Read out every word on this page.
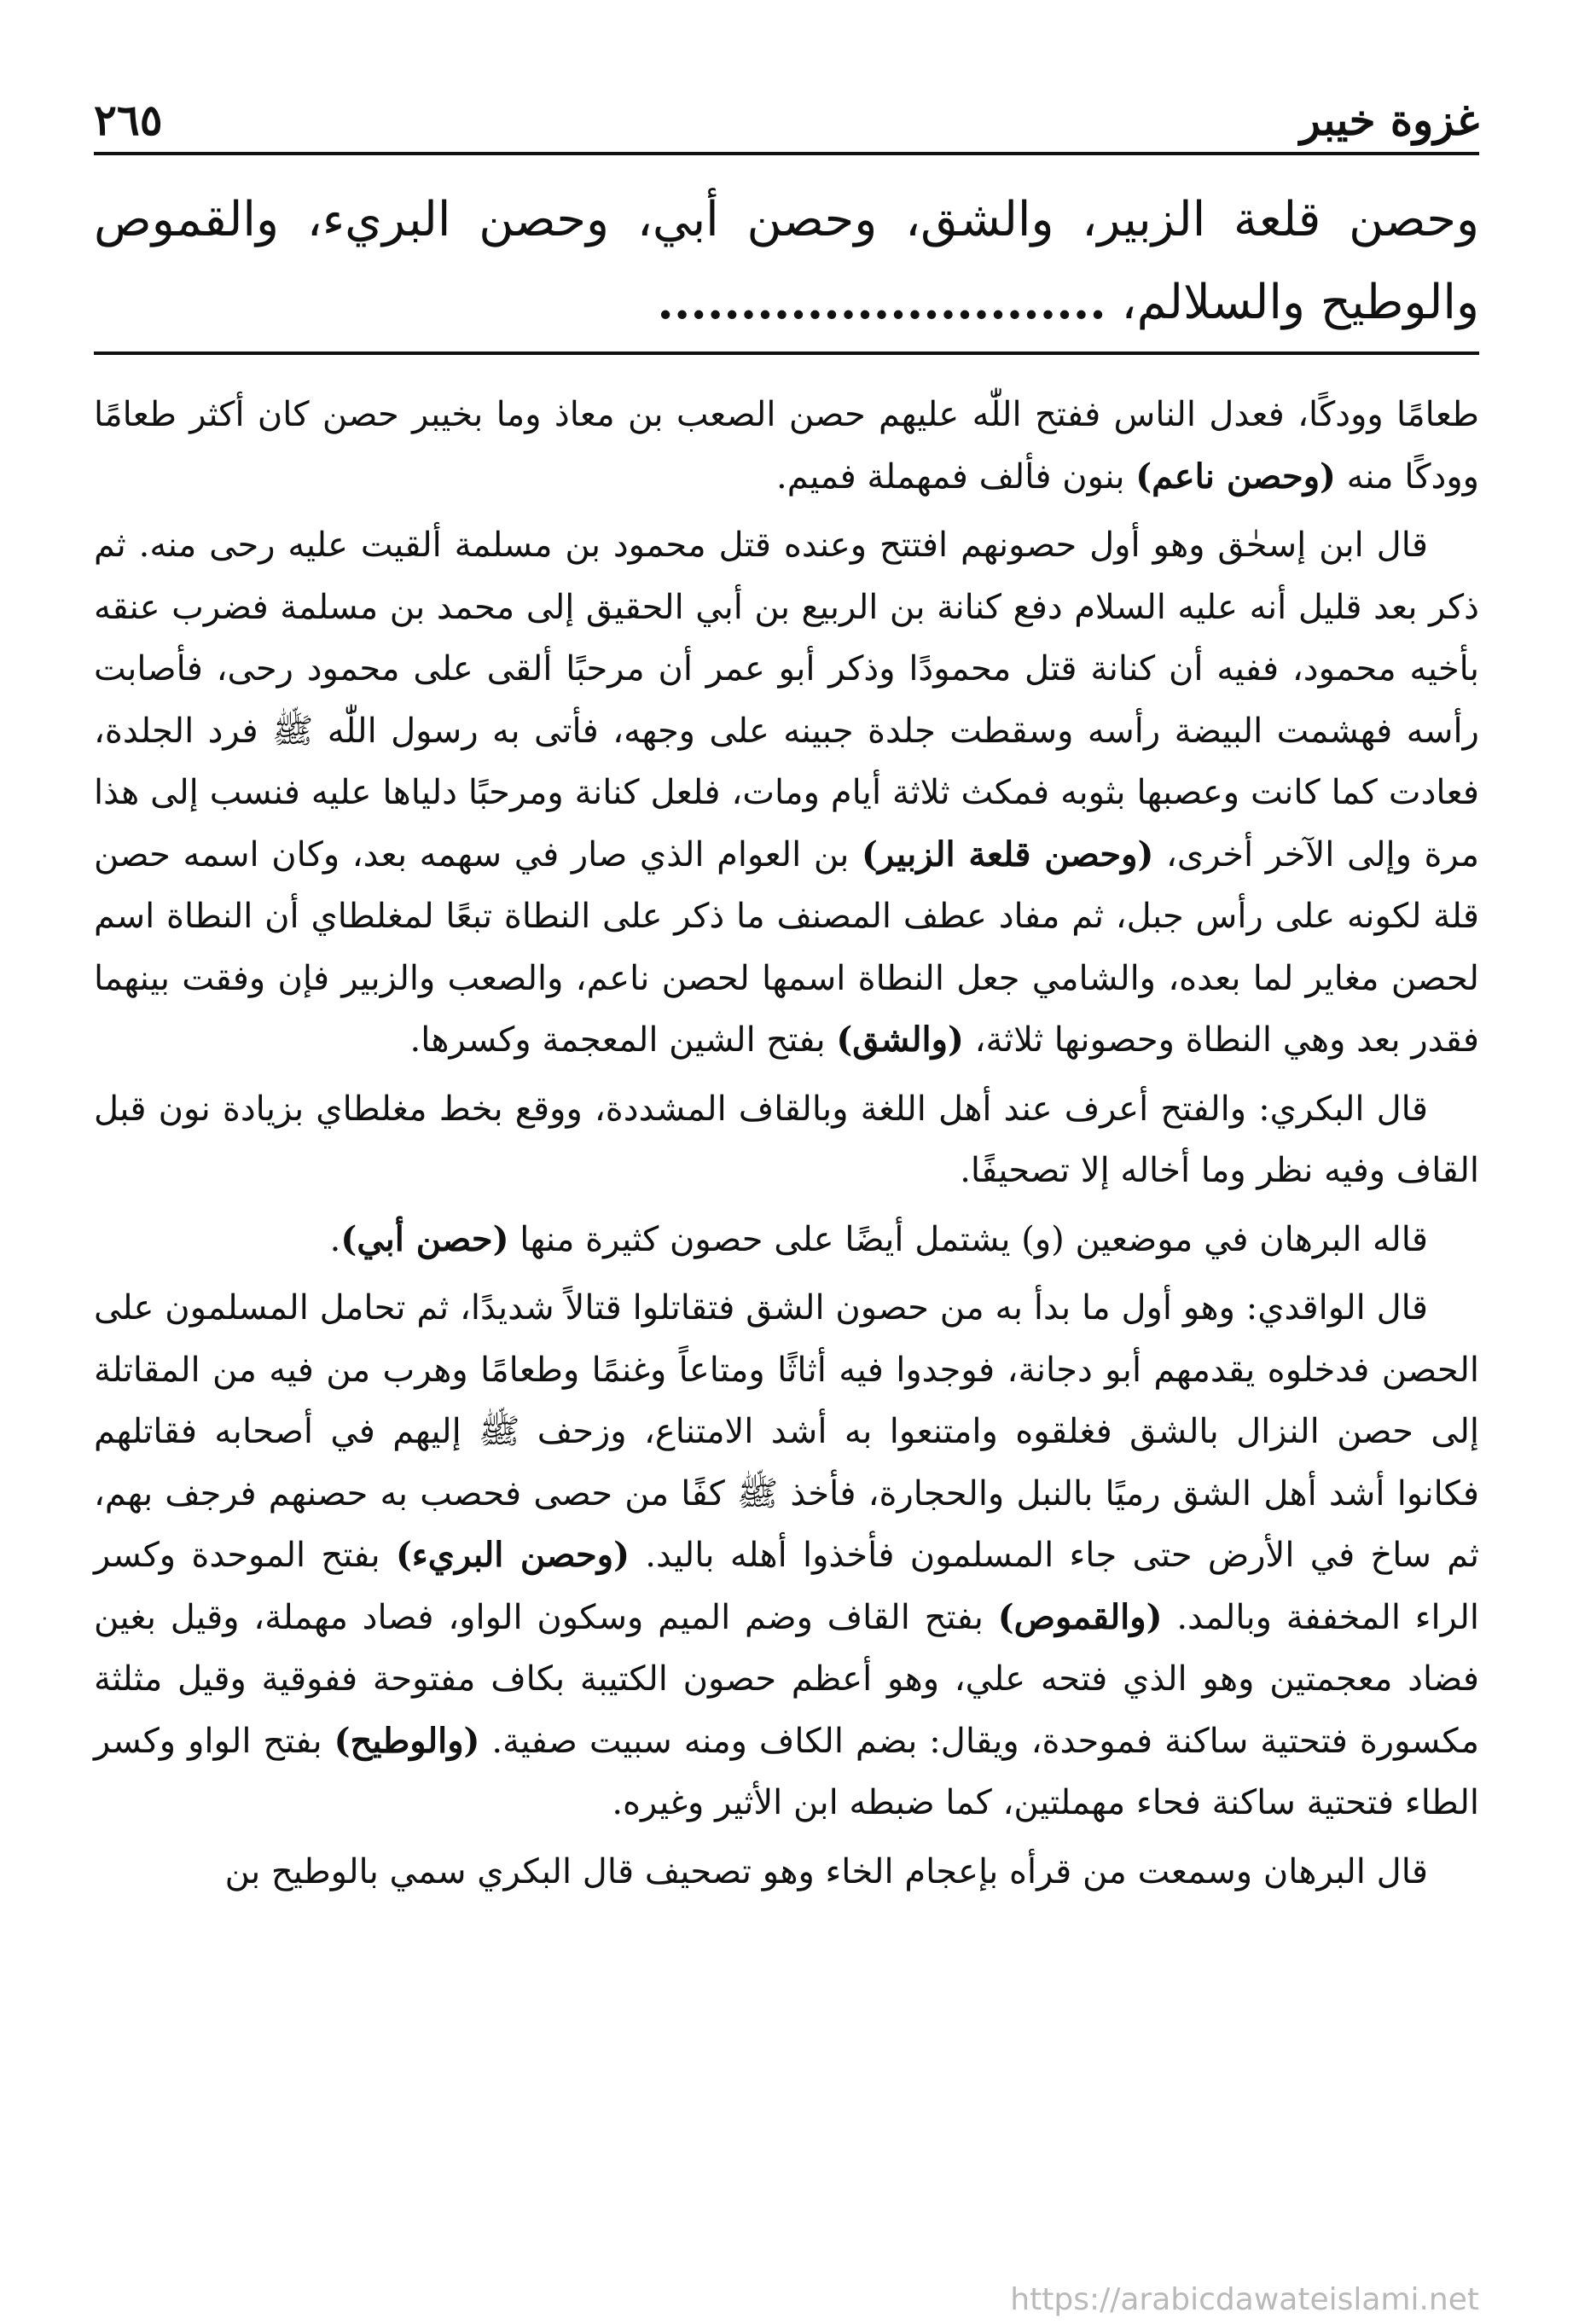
غزوة خيبر
٢٦٥
وحصن قلعة الزبير، والشق، وحصن أبي، وحصن البريء، والقموص والوطيح والسلالم، ...........................

طعامًا وودكًا، فعدل الناس ففتح اللّٰه عليهم حصن الصعب بن معاذ وما بخيبر حصن كان أكثر طعامًا وودكًا منه (وحصن ناعم) بنون فألف فمهملة فميم.

قال ابن إسحٰق وهو أول حصونهم افتتح وعنده قتل محمود بن مسلمة ألقيت عليه رحى منه. ثم ذكر بعد قليل أنه عليه السلام دفع كنانة بن الربيع بن أبي الحقيق إلى محمد بن مسلمة فضرب عنقه بأخيه محمود، ففيه أن كنانة قتل محمودًا وذكر أبو عمر أن مرحبًا ألقى على محمود رحى، فأصابت رأسه فهشمت البيضة رأسه وسقطت جلدة جبينه على وجهه، فأتى به رسول اللّٰه ﷺ فرد الجلدة، فعادت كما كانت وعصبها بثوبه فمكث ثلاثة أيام ومات، فلعل كنانة ومرحبًا دلياها عليه فنسب إلى هذا مرة وإلى الآخر أخرى، (وحصن قلعة الزبير) بن العوام الذي صار في سهمه بعد، وكان اسمه حصن قلة لكونه على رأس جبل، ثم مفاد عطف المصنف ما ذكر على النطاة تبعًا لمغلطاي أن النطاة اسم لحصن مغاير لما بعده، والشامي جعل النطاة اسمها لحصن ناعم، والصعب والزبير فإن وفقت بينهما فقدر بعد وهي النطاة وحصونها ثلاثة، (والشق) بفتح الشين المعجمة وكسرها.

قال البكري: والفتح أعرف عند أهل اللغة وبالقاف المشددة، ووقع بخط مغلطاي بزيادة نون قبل القاف وفيه نظر وما أخاله إلا تصحيفًا.

قاله البرهان في موضعين (و) يشتمل أيضًا على حصون كثيرة منها (حصن أبي).

قال الواقدي: وهو أول ما بدأ به من حصون الشق فتقاتلوا قتالاً شديدًا، ثم تحامل المسلمون على الحصن فدخلوه يقدمهم أبو دجانة، فوجدوا فيه أثاثًا ومتاعاً وغنمًا وطعامًا وهرب من فيه من المقاتلة إلى حصن النزال بالشق فغلقوه وامتنعوا به أشد الامتناع، وزحف ﷺ إليهم في أصحابه فقاتلهم فكانوا أشد أهل الشق رميًا بالنبل والحجارة، فأخذ ﷺ كفًا من حصى فحصب به حصنهم فرجف بهم، ثم ساخ في الأرض حتى جاء المسلمون فأخذوا أهله باليد. (وحصن البريء) بفتح الموحدة وكسر الراء المخففة وبالمد. (والقموص) بفتح القاف وضم الميم وسكون الواو، فصاد مهملة، وقيل بغين فضاد معجمتين وهو الذي فتحه علي، وهو أعظم حصون الكتيبة بكاف مفتوحة ففوقية وقيل مثلثة مكسورة فتحتية ساكنة فموحدة، ويقال: بضم الكاف ومنه سبيت صفية. (والوطيح) بفتح الواو وكسر الطاء فتحتية ساكنة فحاء مهملتين، كما ضبطه ابن الأثير وغيره.

قال البرهان وسمعت من قرأه بإعجام الخاء وهو تصحيف قال البكري سمي بالوطيح بن

https://arabicdawateislami.net
